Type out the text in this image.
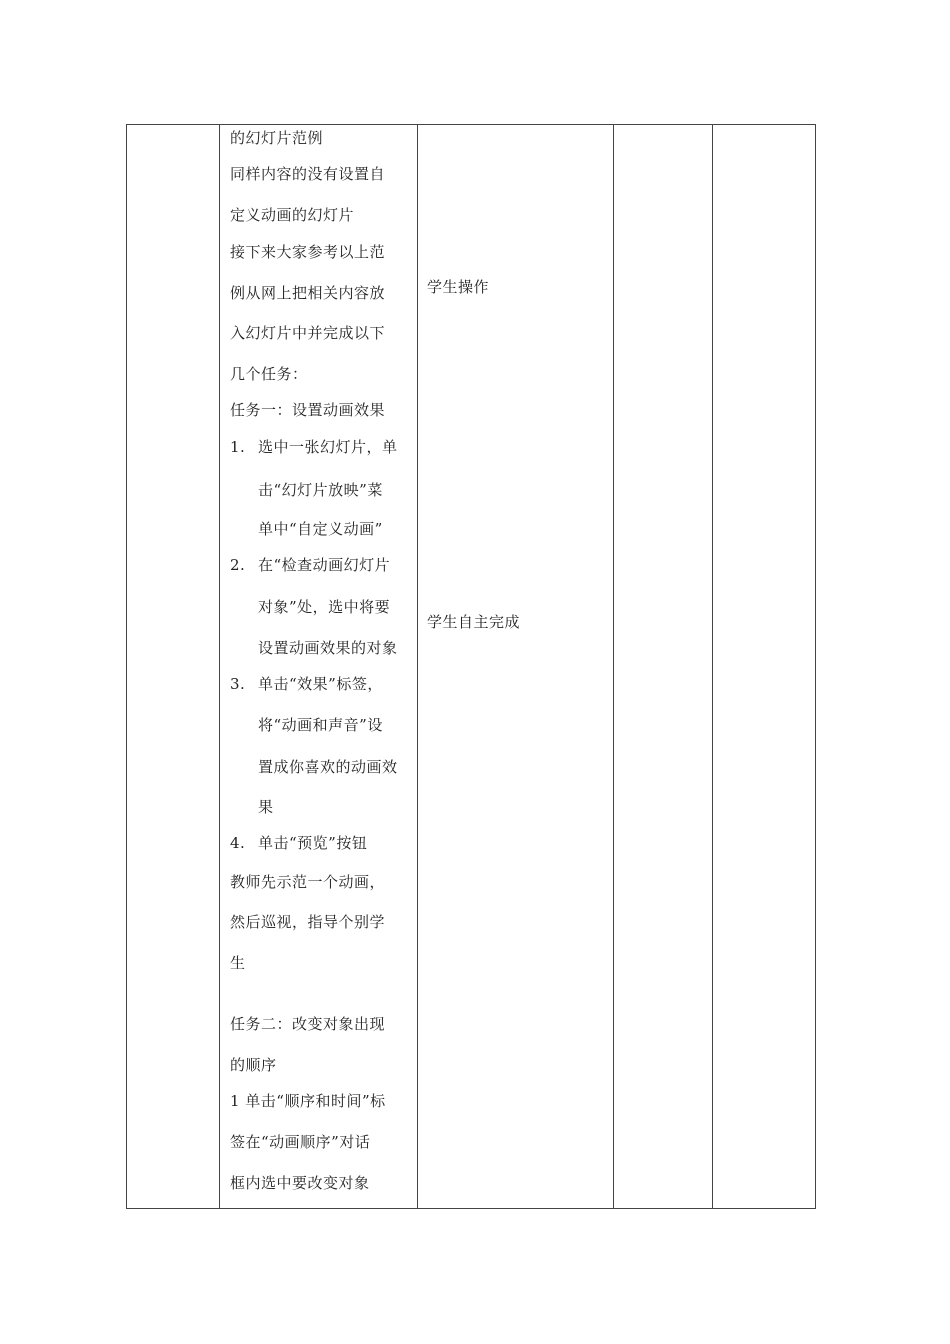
的幻灯片范例
同样内容的没有设置自
定义动画的幻灯片
接下来大家参考以上范
例从网上把相关内容放
入幻灯片中并完成以下
几个任务：
任务一：设置动画效果
1. 选中一张幻灯片，单
击“幻灯片放映”菜
单中“自定义动画”
2. 在“检查动画幻灯片
对象”处，选中将要
设置动画效果的对象
3. 单击“效果”标签，
将“动画和声音”设
置成你喜欢的动画效
果
4. 单击“预览”按钮
教师先示范一个动画，
然后巡视，指导个别学
生
任务二：改变对象出现
的顺序
1 单击“顺序和时间”标
签在“动画顺序”对话
框内选中要改变对象
学生操作
学生自主完成
